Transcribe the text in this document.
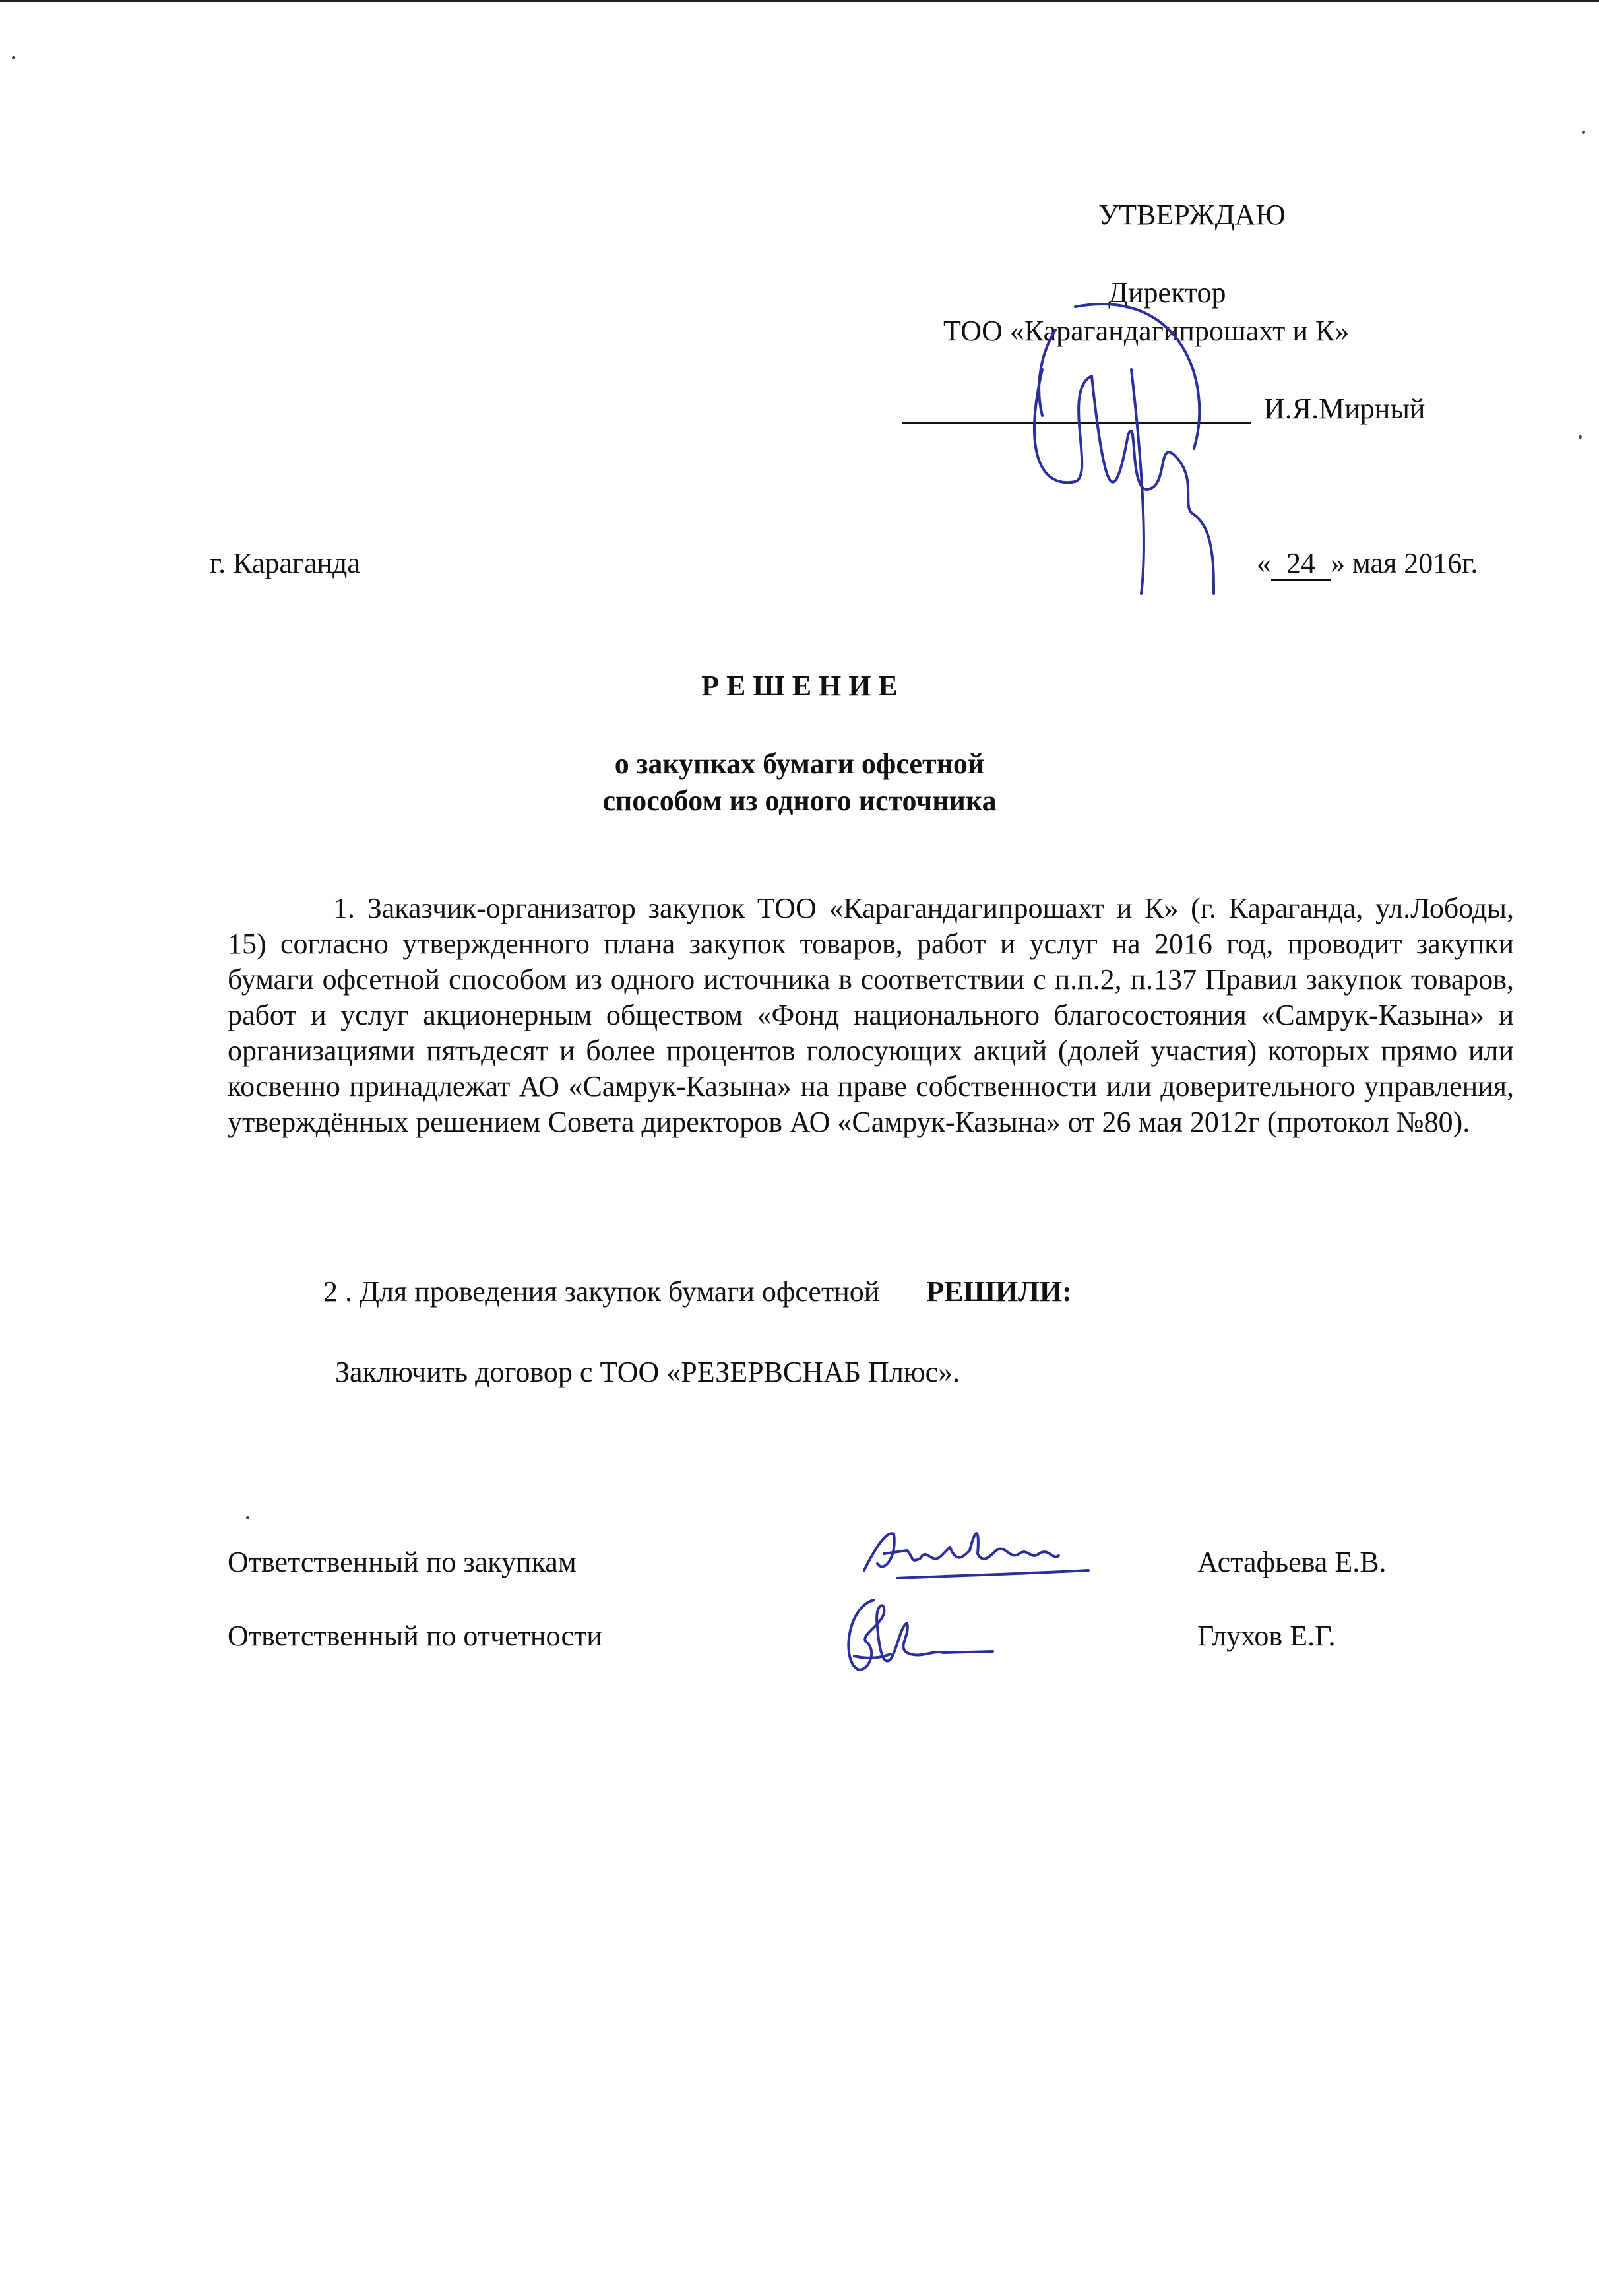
УТВЕРЖДАЮ
Директор
ТОО «Карагандагипрошахт и К»
И.Я.Мирный
г. Караганда	« 24 » мая 2016г.
Р Е Ш Е Н И Е
о закупках бумаги офсетной
способом из одного источника

1. Заказчик-организатор закупок ТОО «Карагандагипрошахт и К» (г. Караганда, ул.Лободы, 15) согласно утвержденного плана закупок товаров, работ и услуг на 2016 год, проводит закупки бумаги офсетной способом из одного источника в соответствии с п.п.2, п.137 Правил закупок товаров, работ и услуг акционерным обществом «Фонд национального благосостояния «Самрук-Казына» и организациями пятьдесят и более процентов голосующих акций (долей участия) которых прямо или косвенно принадлежат АО «Самрук-Казына» на праве собственности или доверительного управления, утверждённых решением Совета директоров АО «Самрук-Казына» от 26 мая 2012г (протокол №80).

2 . Для проведения закупок бумаги офсетной РЕШИЛИ:
Заключить договор с ТОО «РЕЗЕРВСНАБ Плюс».
Ответственный по закупкам	Астафьева Е.В.
Ответственный по отчетности	Глухов Е.Г.
